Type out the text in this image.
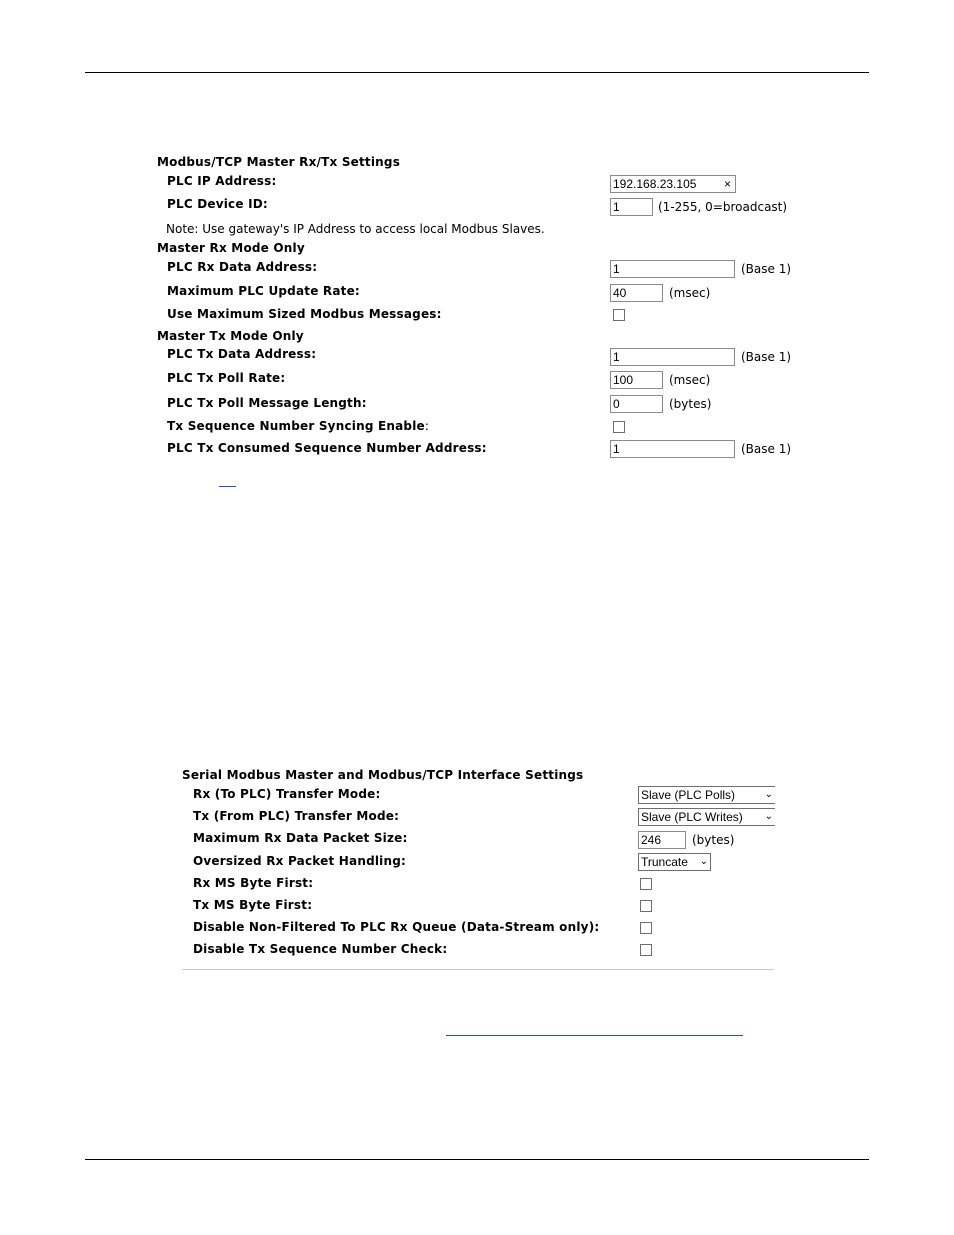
Modbus/TCP Master Rx/Tx Settings
PLC IP Address:	192.168.23.105 ×
PLC Device ID:	1	(1-255, 0=broadcast)
Note: Use gateway's IP Address to access local Modbus Slaves.
Master Rx Mode Only
PLC Rx Data Address:	1	(Base 1)
Maximum PLC Update Rate:	40	(msec)
Use Maximum Sized Modbus Messages:
Master Tx Mode Only
PLC Tx Data Address:	1	(Base 1)
PLC Tx Poll Rate:	100	(msec)
PLC Tx Poll Message Length:	0	(bytes)
Tx Sequence Number Syncing Enable:
PLC Tx Consumed Sequence Number Address:	1	(Base 1)
Serial Modbus Master and Modbus/TCP Interface Settings
Rx (To PLC) Transfer Mode:	Slave (PLC Polls)	⌄
Tx (From PLC) Transfer Mode:	Slave (PLC Writes) ⌄
Maximum Rx Data Packet Size:	246	(bytes)
Oversized Rx Packet Handling:	Truncate ⌄
Rx MS Byte First:
Tx MS Byte First:
Disable Non-Filtered To PLC Rx Queue (Data-Stream only):
Disable Tx Sequence Number Check:
